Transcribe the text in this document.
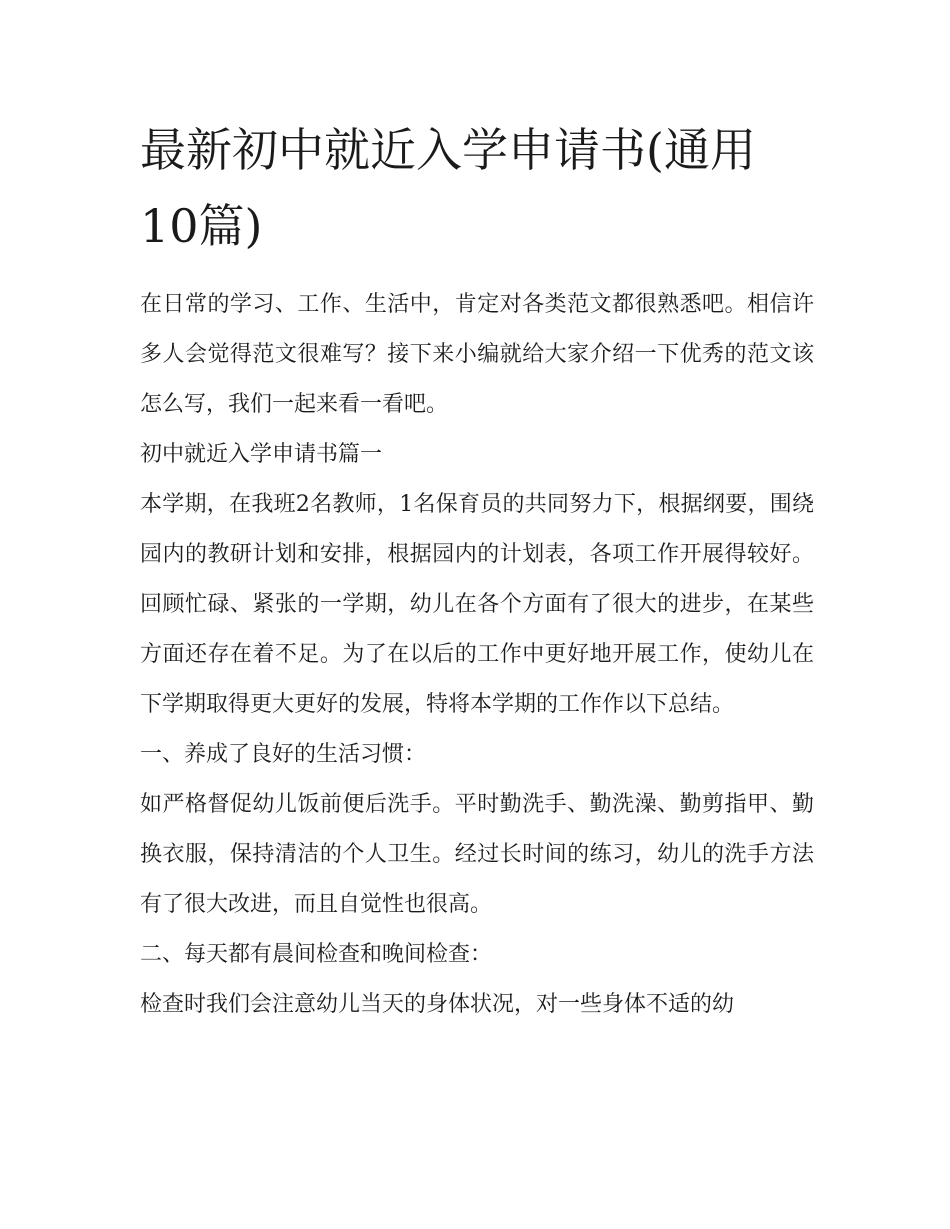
最新初中就近入学申请书(通用10篇)

在日常的学习、工作、生活中，肯定对各类范文都很熟悉吧。相信许多人会觉得范文很难写？接下来小编就给大家介绍一下优秀的范文该怎么写，我们一起来看一看吧。

初中就近入学申请书篇一

本学期，在我班2名教师，1名保育员的共同努力下，根据纲要，围绕园内的教研计划和安排，根据园内的计划表，各项工作开展得较好。回顾忙碌、紧张的一学期，幼儿在各个方面有了很大的进步，在某些方面还存在着不足。为了在以后的工作中更好地开展工作，使幼儿在下学期取得更大更好的发展，特将本学期的工作作以下总结。

一、养成了良好的生活习惯：

如严格督促幼儿饭前便后洗手。平时勤洗手、勤洗澡、勤剪指甲、勤换衣服，保持清洁的个人卫生。经过长时间的练习，幼儿的洗手方法有了很大改进，而且自觉性也很高。

二、每天都有晨间检查和晚间检查：

检查时我们会注意幼儿当天的身体状况，对一些身体不适的幼
